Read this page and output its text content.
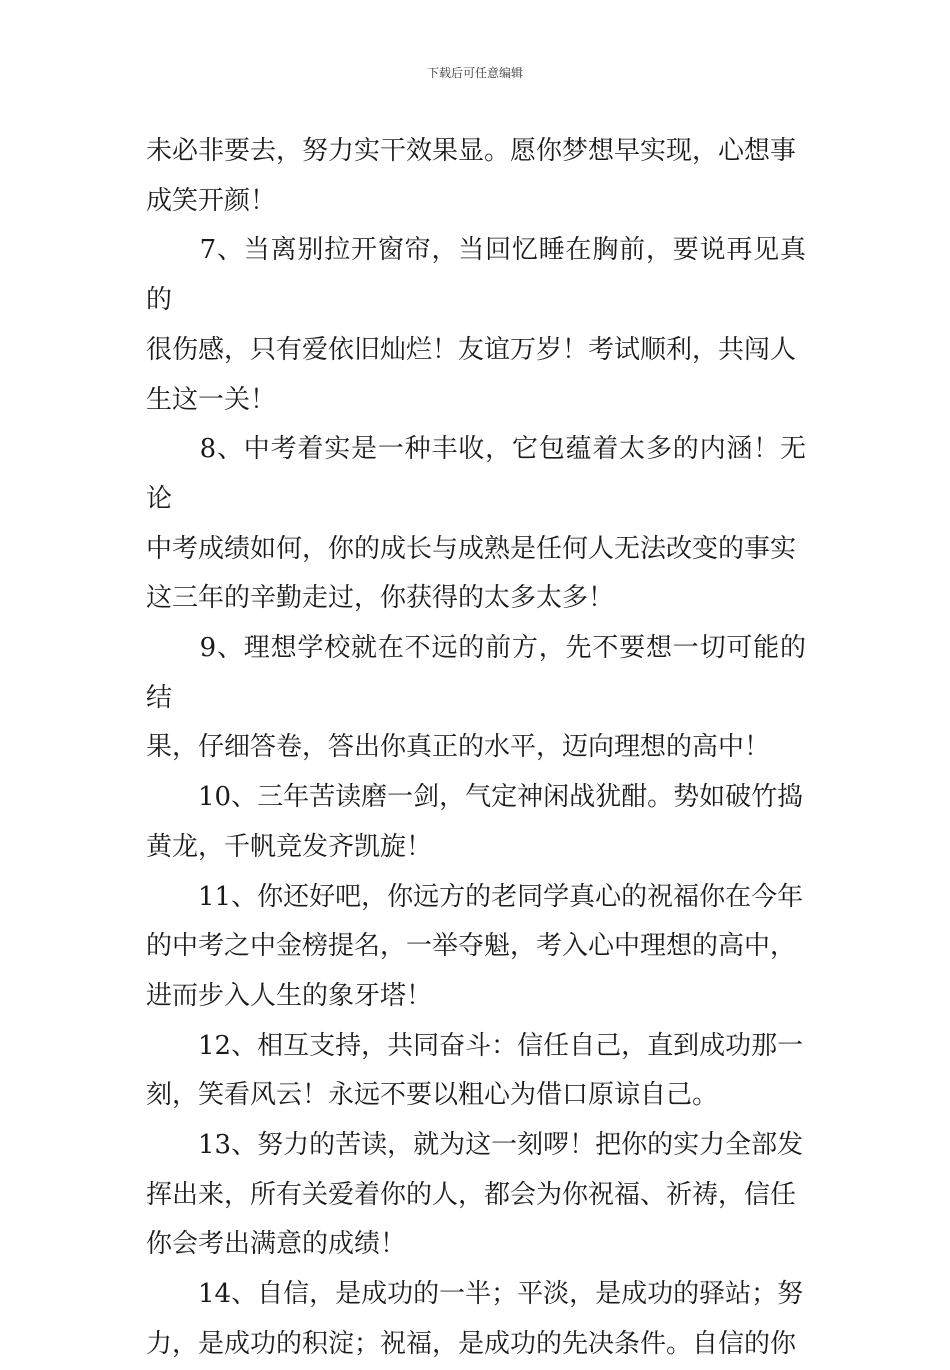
下载后可任意编辑

未必非要去，努力实干效果显。愿你梦想早实现，心想事
成笑开颜！

　　7、当离别拉开窗帘，当回忆睡在胸前，要说再见真的
很伤感，只有爱依旧灿烂！友谊万岁！考试顺利，共闯人
生这一关！

　　8、中考着实是一种丰收，它包蕴着太多的内涵！无论
中考成绩如何，你的成长与成熟是任何人无法改变的事实
这三年的辛勤走过，你获得的太多太多！

　　9、理想学校就在不远的前方，先不要想一切可能的结
果，仔细答卷，答出你真正的水平，迈向理想的高中！

　　10、三年苦读磨一剑，气定神闲战犹酣。势如破竹捣
黄龙，千帆竞发齐凯旋！

　　11、你还好吧，你远方的老同学真心的祝福你在今年
的中考之中金榜提名，一举夺魁，考入心中理想的高中，
进而步入人生的象牙塔！

　　12、相互支持，共同奋斗：信任自己，直到成功那一
刻，笑看风云！永远不要以粗心为借口原谅自己。

　　13、努力的苦读，就为这一刻啰！把你的实力全部发
挥出来，所有关爱着你的人，都会为你祝福、祈祷，信任
你会考出满意的成绩！

　　14、自信，是成功的一半；平淡，是成功的驿站；努
力，是成功的积淀；祝福，是成功的先决条件。自信的你
